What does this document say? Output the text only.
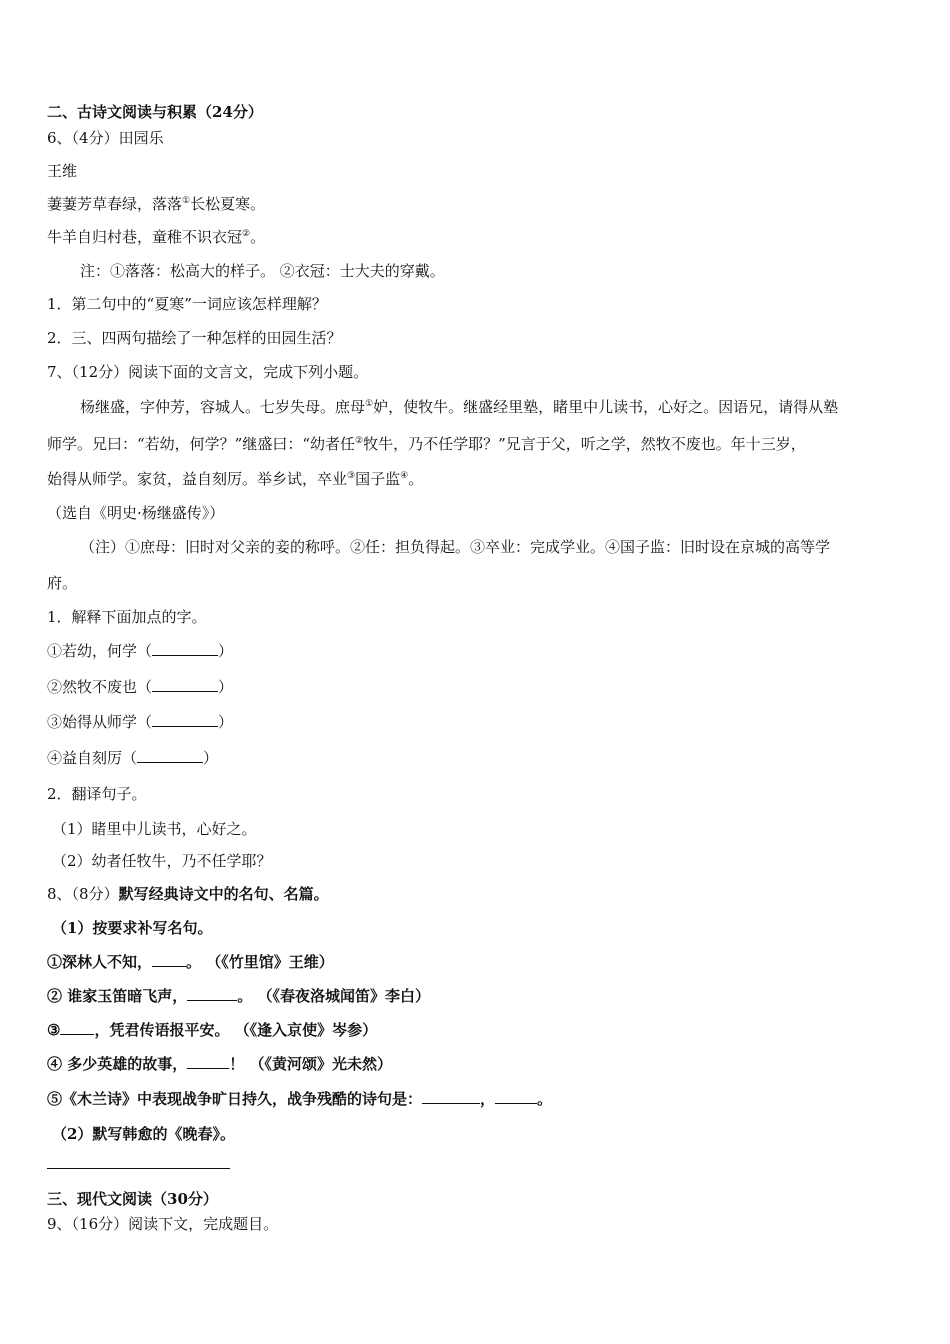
二、古诗文阅读与积累（24分）
6、（4分）田园乐
王维
萋萋芳草春绿，落落①长松夏寒。
牛羊自归村巷，童稚不识衣冠②。
注：①落落：松高大的样子。 ②衣冠：士大夫的穿戴。
1．第二句中的“夏寒”一词应该怎样理解？
2．三、四两句描绘了一种怎样的田园生活？
7、（12分）阅读下面的文言文，完成下列小题。
杨继盛，字仲芳，容城人。七岁失母。庶母①妒，使牧牛。继盛经里塾，睹里中儿读书，心好之。因语兄，请得从塾
师学。兄曰：“若幼，何学？”继盛曰：“幼者任②牧牛，乃不任学耶？”兄言于父，听之学，然牧不废也。年十三岁，
始得从师学。家贫，益自刻厉。举乡试，卒业③国子监④。
（选自《明史·杨继盛传》）
（注）①庶母：旧时对父亲的妾的称呼。②任：担负得起。③卒业：完成学业。④国子监：旧时设在京城的高等学
府。
1．解释下面加点的字。
①若幼，何学（	）
②然牧不废也（	）
③始得从师学（	）
④益自刻厉（	）
2．翻译句子。
（1）睹里中儿读书，心好之。
（2）幼者任牧牛，乃不任学耶？
8、（8分）默写经典诗文中的名句、名篇。
（1）按要求补写名句。
①深林人不知， 。 （《竹里馆》王维）
② 谁家玉笛暗飞声，	。 （《春夜洛城闻笛》李白）
③ ，凭君传语报平安。 （《逢入京使》岑参）
④ 多少英雄的故事，	！ （《黄河颂》光未然）
⑤《木兰诗》中表现战争旷日持久，战争残酷的诗句是：	，	。
（2）默写韩愈的《晚春》。
三、现代文阅读（30分）
9、（16分）阅读下文，完成题目。
